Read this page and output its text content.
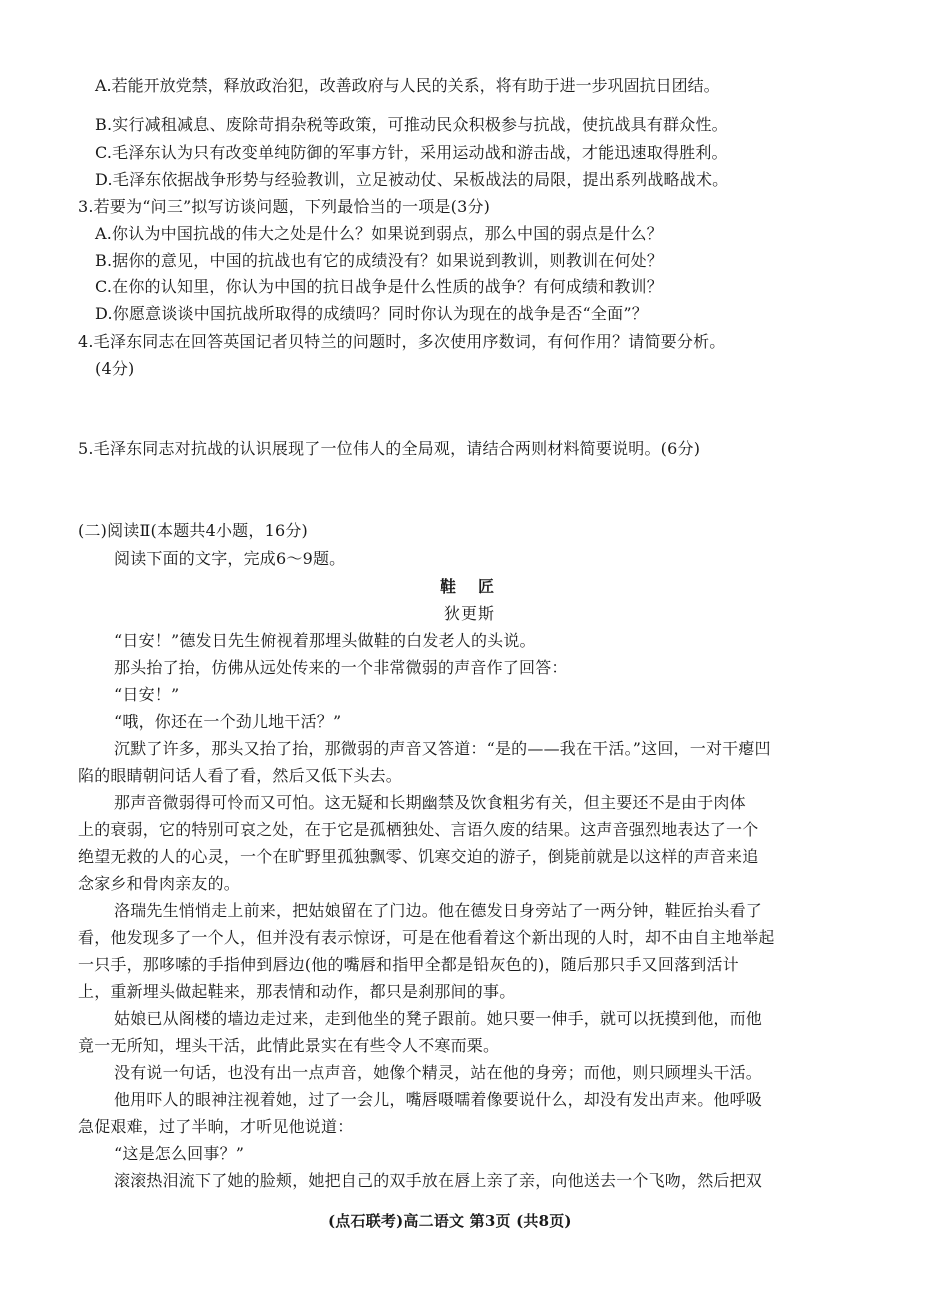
A.若能开放党禁，释放政治犯，改善政府与人民的关系，将有助于进一步巩固抗日团结。
B.实行减租减息、废除苛捐杂税等政策，可推动民众积极参与抗战，使抗战具有群众性。
C.毛泽东认为只有改变单纯防御的军事方针，采用运动战和游击战，才能迅速取得胜利。
D.毛泽东依据战争形势与经验教训，立足被动仗、呆板战法的局限，提出系列战略战术。
3.若要为“问三”拟写访谈问题，下列最恰当的一项是(3分)
A.你认为中国抗战的伟大之处是什么？如果说到弱点，那么中国的弱点是什么？
B.据你的意见，中国的抗战也有它的成绩没有？如果说到教训，则教训在何处？
C.在你的认知里，你认为中国的抗日战争是什么性质的战争？有何成绩和教训？
D.你愿意谈谈中国抗战所取得的成绩吗？同时你认为现在的战争是否“全面”？
4.毛泽东同志在回答英国记者贝特兰的问题时，多次使用序数词，有何作用？请简要分析。
(4分)
5.毛泽东同志对抗战的认识展现了一位伟人的全局观，请结合两则材料简要说明。(6分)
(二)阅读Ⅱ(本题共4小题，16分)
阅读下面的文字，完成6～9题。
鞋匠
狄更斯
“日安！”德发日先生俯视着那埋头做鞋的白发老人的头说。
那头抬了抬，仿佛从远处传来的一个非常微弱的声音作了回答：
“日安！”
“哦，你还在一个劲儿地干活？”
沉默了许多，那头又抬了抬，那微弱的声音又答道：“是的——我在干活。”这回，一对干瘪凹
陷的眼睛朝问话人看了看，然后又低下头去。
那声音微弱得可怜而又可怕。这无疑和长期幽禁及饮食粗劣有关，但主要还不是由于肉体
上的衰弱，它的特别可哀之处，在于它是孤栖独处、言语久废的结果。这声音强烈地表达了一个
绝望无救的人的心灵，一个在旷野里孤独飘零、饥寒交迫的游子，倒毙前就是以这样的声音来追
念家乡和骨肉亲友的。
洛瑞先生悄悄走上前来，把姑娘留在了门边。他在德发日身旁站了一两分钟，鞋匠抬头看了
看，他发现多了一个人，但并没有表示惊讶，可是在他看着这个新出现的人时，却不由自主地举起
一只手，那哆嗦的手指伸到唇边(他的嘴唇和指甲全都是铅灰色的)，随后那只手又回落到活计
上，重新埋头做起鞋来，那表情和动作，都只是刹那间的事。
姑娘已从阁楼的墙边走过来，走到他坐的凳子跟前。她只要一伸手，就可以抚摸到他，而他
竟一无所知，埋头干活，此情此景实在有些令人不寒而栗。
没有说一句话，也没有出一点声音，她像个精灵，站在他的身旁；而他，则只顾埋头干活。
他用吓人的眼神注视着她，过了一会儿，嘴唇嗫嚅着像要说什么，却没有发出声来。他呼吸
急促艰难，过了半晌，才听见他说道：
“这是怎么回事？”
滚滚热泪流下了她的脸颊，她把自己的双手放在唇上亲了亲，向他送去一个飞吻，然后把双
(点石联考)高二语文 第3页 (共8页)
